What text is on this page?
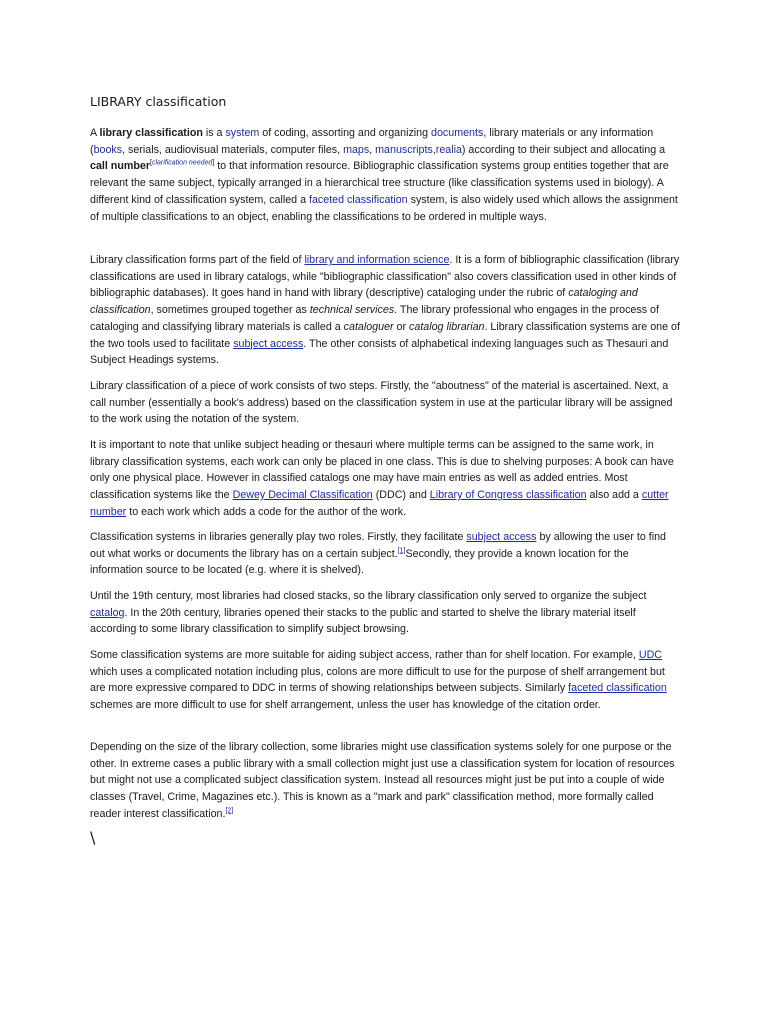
LIBRARY classification

A library classification is a system of coding, assorting and organizing documents, library materials or any information (books, serials, audiovisual materials, computer files, maps, manuscripts,realia) according to their subject and allocating a call number[clarification needed] to that information resource. Bibliographic classification systems group entities together that are relevant the same subject, typically arranged in a hierarchical tree structure (like classification systems used in biology). A different kind of classification system, called a faceted classification system, is also widely used which allows the assignment of multiple classifications to an object, enabling the classifications to be ordered in multiple ways.

Library classification forms part of the field of library and information science. It is a form of bibliographic classification (library classifications are used in library catalogs, while "bibliographic classification" also covers classification used in other kinds of bibliographic databases). It goes hand in hand with library (descriptive) cataloging under the rubric of cataloging and classification, sometimes grouped together as technical services. The library professional who engages in the process of cataloging and classifying library materials is called a cataloguer or catalog librarian. Library classification systems are one of the two tools used to facilitate subject access. The other consists of alphabetical indexing languages such as Thesauri and Subject Headings systems.

Library classification of a piece of work consists of two steps. Firstly, the "aboutness" of the material is ascertained. Next, a call number (essentially a book's address) based on the classification system in use at the particular library will be assigned to the work using the notation of the system.

It is important to note that unlike subject heading or thesauri where multiple terms can be assigned to the same work, in library classification systems, each work can only be placed in one class. This is due to shelving purposes: A book can have only one physical place. However in classified catalogs one may have main entries as well as added entries. Most classification systems like the Dewey Decimal Classification (DDC) and Library of Congress classification also add a cutter number to each work which adds a code for the author of the work.

Classification systems in libraries generally play two roles. Firstly, they facilitate subject access by allowing the user to find out what works or documents the library has on a certain subject.[1]Secondly, they provide a known location for the information source to be located (e.g. where it is shelved).

Until the 19th century, most libraries had closed stacks, so the library classification only served to organize the subject catalog. In the 20th century, libraries opened their stacks to the public and started to shelve the library material itself according to some library classification to simplify subject browsing.

Some classification systems are more suitable for aiding subject access, rather than for shelf location. For example, UDC which uses a complicated notation including plus, colons are more difficult to use for the purpose of shelf arrangement but are more expressive compared to DDC in terms of showing relationships between subjects. Similarly faceted classification schemes are more difficult to use for shelf arrangement, unless the user has knowledge of the citation order.

Depending on the size of the library collection, some libraries might use classification systems solely for one purpose or the other. In extreme cases a public library with a small collection might just use a classification system for location of resources but might not use a complicated subject classification system. Instead all resources might just be put into a couple of wide classes (Travel, Crime, Magazines etc.). This is known as a "mark and park" classification method, more formally called reader interest classification.[2]

\
